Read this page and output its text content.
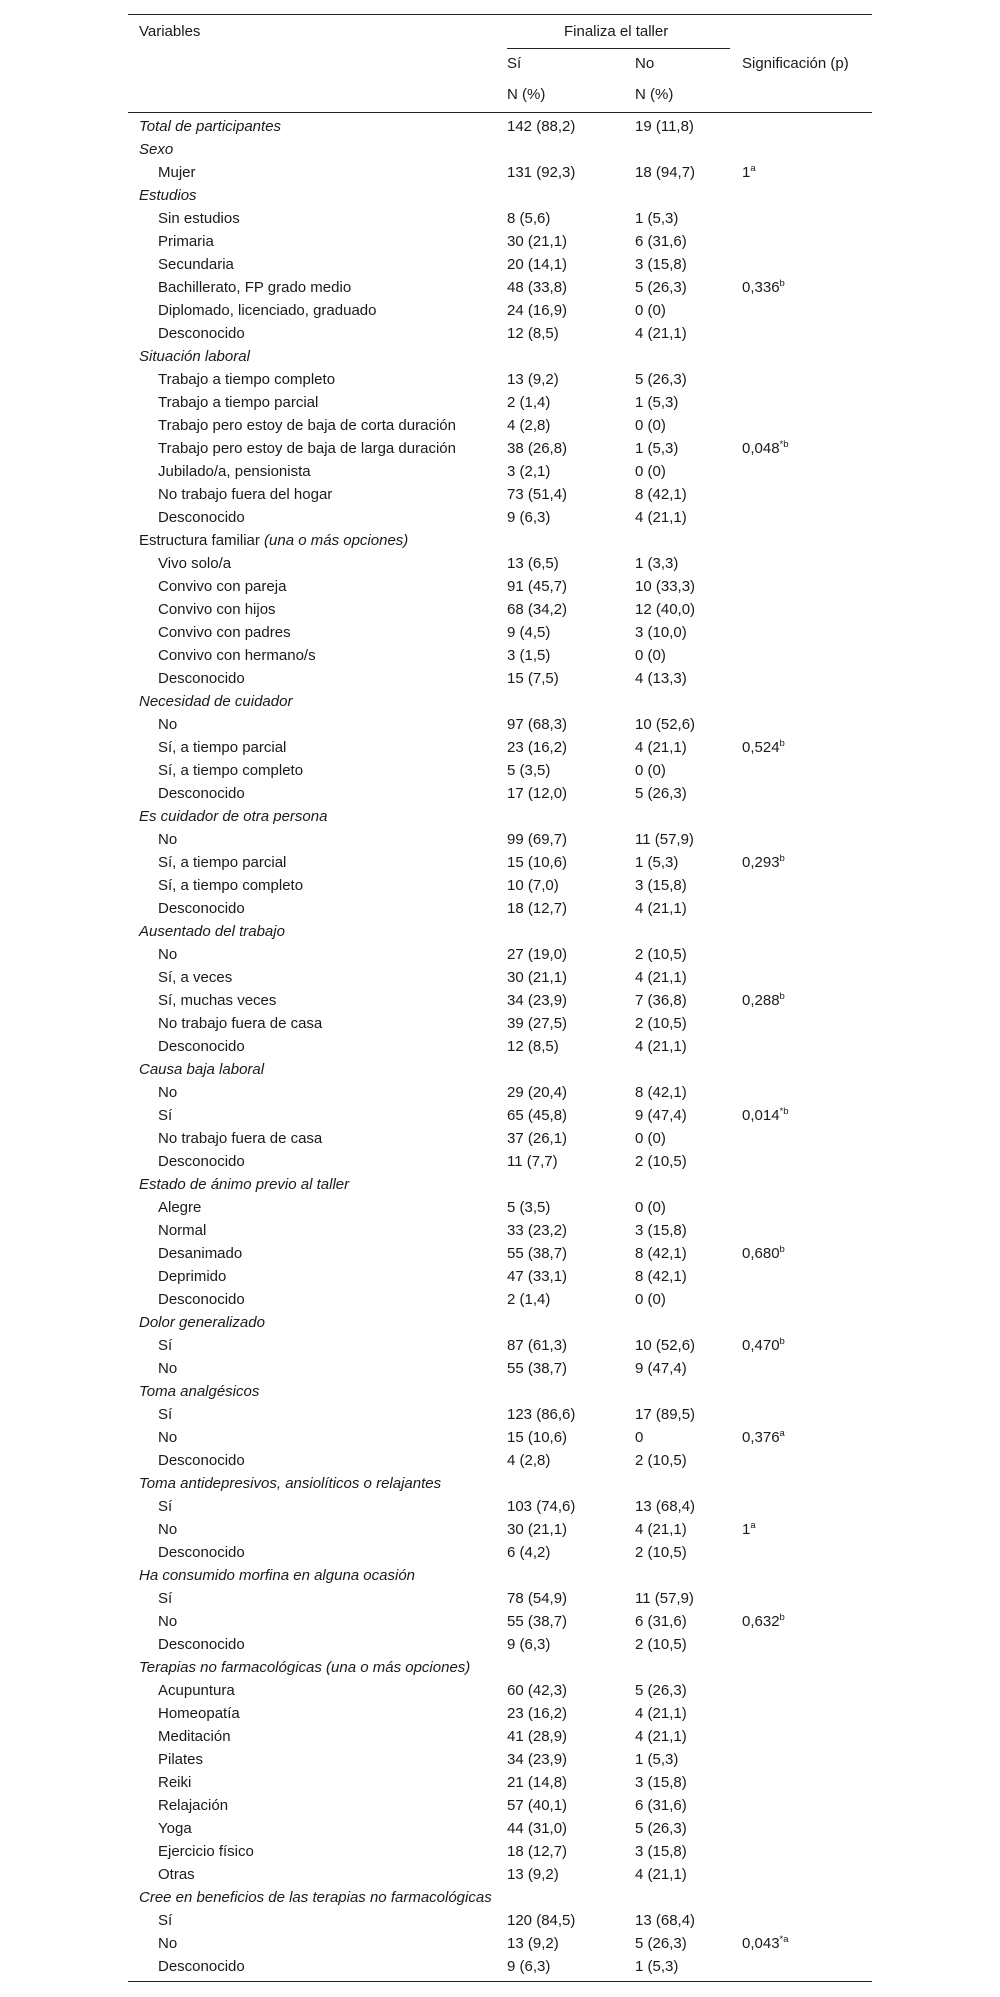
Variables	Finaliza el taller
Sí	No	Significación (p)
N (%)	N (%)
Total de participantes	142 (88,2)	19 (11,8)
Sexo
Mujer	131 (92,3)	18 (94,7)	1$^a$
Estudios
Sin estudios	8 (5,6)	1 (5,3)
Primaria	30 (21,1)	6 (31,6)
Secundaria	20 (14,1)	3 (15,8)
Bachillerato, FP grado medio	48 (33,8)	5 (26,3)	0,336$^b$
Diplomado, licenciado, graduado	24 (16,9)	0 (0)
Desconocido	12 (8,5)	4 (21,1)
Situación laboral
Trabajo a tiempo completo	13 (9,2)	5 (26,3)
Trabajo a tiempo parcial	2 (1,4)	1 (5,3)
Trabajo pero estoy de baja de corta duración	4 (2,8)	0 (0)
Trabajo pero estoy de baja de larga duración	38 (26,8)	1 (5,3)	0,048$^{*b}$
Jubilado/a, pensionista	3 (2,1)	0 (0)
No trabajo fuera del hogar	73 (51,4)	8 (42,1)
Desconocido	9 (6,3)	4 (21,1)
Estructura familiar (una o más opciones)
Vivo solo/a	13 (6,5)	1 (3,3)
Convivo con pareja	91 (45,7)	10 (33,3)
Convivo con hijos	68 (34,2)	12 (40,0)
Convivo con padres	9 (4,5)	3 (10,0)
Convivo con hermano/s	3 (1,5)	0 (0)
Desconocido	15 (7,5)	4 (13,3)
Necesidad de cuidador
No	97 (68,3)	10 (52,6)
Sí, a tiempo parcial	23 (16,2)	4 (21,1)	0,524$^b$
Sí, a tiempo completo	5 (3,5)	0 (0)
Desconocido	17 (12,0)	5 (26,3)
Es cuidador de otra persona
No	99 (69,7)	11 (57,9)
Sí, a tiempo parcial	15 (10,6)	1 (5,3)	0,293$^b$
Sí, a tiempo completo	10 (7,0)	3 (15,8)
Desconocido	18 (12,7)	4 (21,1)
Ausentado del trabajo
No	27 (19,0)	2 (10,5)
Sí, a veces	30 (21,1)	4 (21,1)
Sí, muchas veces	34 (23,9)	7 (36,8)	0,288$^b$
No trabajo fuera de casa	39 (27,5)	2 (10,5)
Desconocido	12 (8,5)	4 (21,1)
Causa baja laboral
No	29 (20,4)	8 (42,1)
Sí	65 (45,8)	9 (47,4)	0,014$^{*b}$
No trabajo fuera de casa	37 (26,1)	0 (0)
Desconocido	11 (7,7)	2 (10,5)
Estado de ánimo previo al taller
Alegre	5 (3,5)	0 (0)
Normal	33 (23,2)	3 (15,8)
Desanimado	55 (38,7)	8 (42,1)	0,680$^b$
Deprimido	47 (33,1)	8 (42,1)
Desconocido	2 (1,4)	0 (0)
Dolor generalizado
Sí	87 (61,3)	10 (52,6)	0,470$^b$
No	55 (38,7)	9 (47,4)
Toma analgésicos
Sí	123 (86,6)	17 (89,5)
No	15 (10,6)	0	0,376$^a$
Desconocido	4 (2,8)	2 (10,5)
Toma antidepresivos, ansiolíticos o relajantes
Sí	103 (74,6)	13 (68,4)
No	30 (21,1)	4 (21,1)	1$^a$
Desconocido	6 (4,2)	2 (10,5)
Ha consumido morfina en alguna ocasión
Sí	78 (54,9)	11 (57,9)
No	55 (38,7)	6 (31,6)	0,632$^b$
Desconocido	9 (6,3)	2 (10,5)
Terapias no farmacológicas (una o más opciones)
Acupuntura	60 (42,3)	5 (26,3)
Homeopatía	23 (16,2)	4 (21,1)
Meditación	41 (28,9)	4 (21,1)
Pilates	34 (23,9)	1 (5,3)
Reiki	21 (14,8)	3 (15,8)
Relajación	57 (40,1)	6 (31,6)
Yoga	44 (31,0)	5 (26,3)
Ejercicio físico	18 (12,7)	3 (15,8)
Otras	13 (9,2)	4 (21,1)
Cree en beneficios de las terapias no farmacológicas
Sí	120 (84,5)	13 (68,4)
No	13 (9,2)	5 (26,3)	0,043$^{*a}$
Desconocido	9 (6,3)	1 (5,3)
